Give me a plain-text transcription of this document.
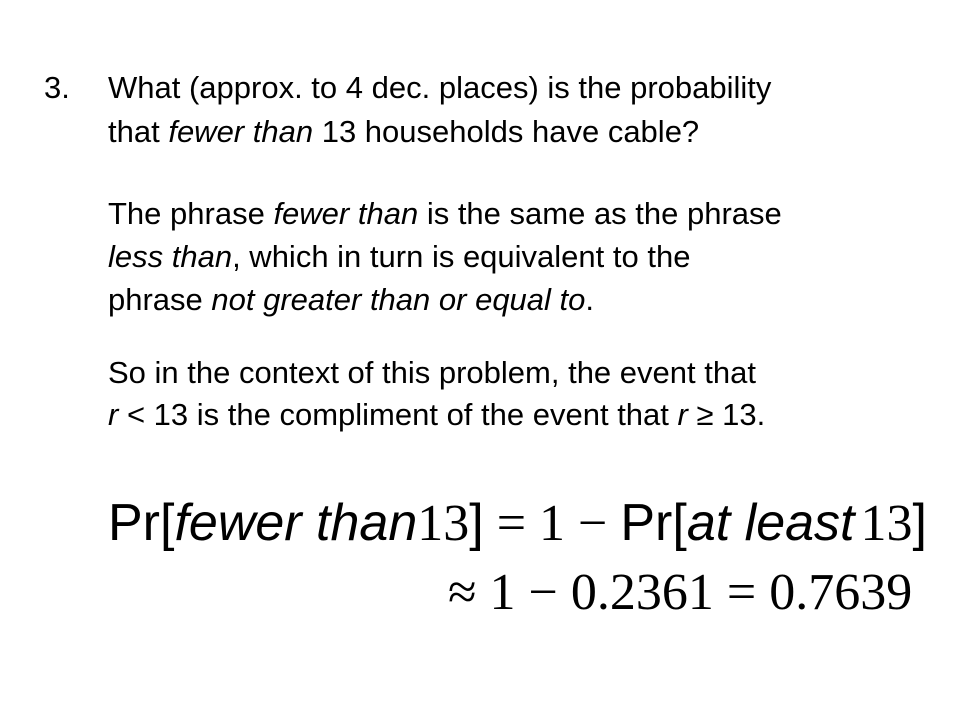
3. What (approx. to 4 dec. places) is the probability
that fewer than 13 households have cable?
The phrase fewer than is the same as the phrase
less than, which in turn is equivalent to the
phrase not greater than or equal to.
So in the context of this problem, the event that
r < 13 is the compliment of the event that r ≥ 13.
Pr[fewer than13] = 1 − Pr[at least 13]
≈ 1 − 0.2361 = 0.7639
